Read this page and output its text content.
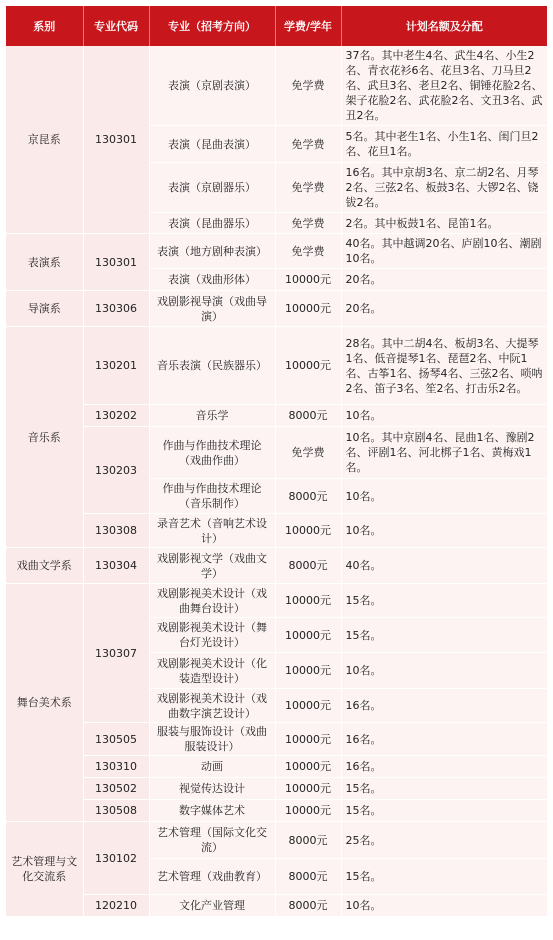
系别	专业代码	专业（招考方向）	学费/学年	计划名额及分配
京昆系	130301	表演（京剧表演）	免学费	37名。其中老生4名、武生4名、小生2名、青衣花衫6名、花旦3名、刀马旦2名、武旦3名、老旦2名、铜锤花脸2名、架子花脸2名、武花脸2名、文丑3名、武丑2名。
		表演（昆曲表演）	免学费	5名。其中老生1名、小生1名、闺门旦2名、花旦1名。
		表演（京剧器乐）	免学费	16名。其中京胡3名、京二胡2名、月琴2名、三弦2名、板鼓3名、大锣2名、铙钹2名。
		表演（昆曲器乐）	免学费	2名。其中板鼓1名、昆笛1名。
表演系	130301	表演（地方剧种表演）	免学费	40名。其中越调20名、庐剧10名、潮剧10名。
		表演（戏曲形体）	10000元	20名。
导演系	130306	戏剧影视导演（戏曲导演）	10000元	20名。
音乐系	130201	音乐表演（民族器乐）	10000元	28名。其中二胡4名、板胡3名、大提琴1名、低音提琴1名、琵琶2名、中阮1名、古筝1名、扬琴4名、三弦2名、唢呐2名、笛子3名、笙2名、打击乐2名。
	130202	音乐学	8000元	10名。
	130203	作曲与作曲技术理论（戏曲作曲）	免学费	10名。其中京剧4名、昆曲1名、豫剧2名、评剧1名、河北梆子1名、黄梅戏1名。
		作曲与作曲技术理论（音乐制作）	8000元	10名。
	130308	录音艺术（音响艺术设计）	10000元	10名。
戏曲文学系	130304	戏剧影视文学（戏曲文学）	8000元	40名。
舞台美术系	130307	戏剧影视美术设计（戏曲舞台设计）	10000元	15名。
		戏剧影视美术设计（舞台灯光设计）	10000元	15名。
		戏剧影视美术设计（化装造型设计）	10000元	10名。
		戏剧影视美术设计（戏曲数字演艺设计）	10000元	16名。
	130505	服装与服饰设计（戏曲服装设计）	10000元	16名。
	130310	动画	10000元	16名。
	130502	视觉传达设计	10000元	15名。
	130508	数字媒体艺术	10000元	15名。
艺术管理与文化交流系	130102	艺术管理（国际文化交流）	8000元	25名。
		艺术管理（戏曲教育）	8000元	15名。
	120210	文化产业管理	8000元	10名。
